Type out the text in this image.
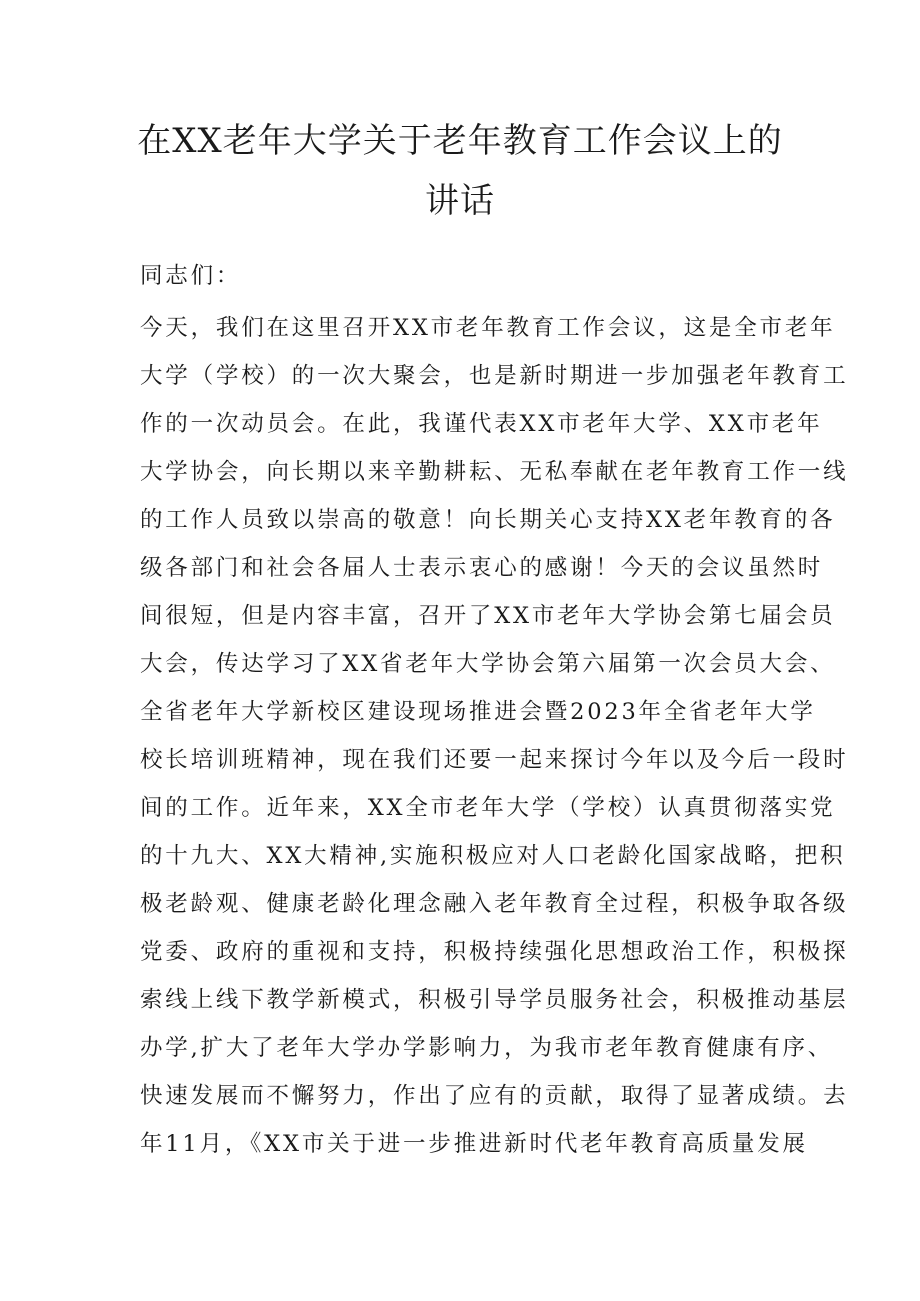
在XX老年大学关于老年教育工作会议上的
讲话
同志们：
今天，我们在这里召开XX市老年教育工作会议，这是全市老年
大学（学校）的一次大聚会，也是新时期进一步加强老年教育工
作的一次动员会。在此，我谨代表XX市老年大学、XX市老年
大学协会，向长期以来辛勤耕耘、无私奉献在老年教育工作一线
的工作人员致以崇高的敬意！向长期关心支持XX老年教育的各
级各部门和社会各届人士表示衷心的感谢！今天的会议虽然时
间很短，但是内容丰富，召开了XX市老年大学协会第七届会员
大会，传达学习了XX省老年大学协会第六届第一次会员大会、
全省老年大学新校区建设现场推进会暨2023年全省老年大学
校长培训班精神，现在我们还要一起来探讨今年以及今后一段时
间的工作。近年来，XX全市老年大学（学校）认真贯彻落实党
的十九大、XX大精神,实施积极应对人口老龄化国家战略，把积
极老龄观、健康老龄化理念融入老年教育全过程，积极争取各级
党委、政府的重视和支持，积极持续强化思想政治工作，积极探
索线上线下教学新模式，积极引导学员服务社会，积极推动基层
办学,扩大了老年大学办学影响力，为我市老年教育健康有序、
快速发展而不懈努力，作出了应有的贡献，取得了显著成绩。去
年11月，《XX市关于进一步推进新时代老年教育高质量发展
